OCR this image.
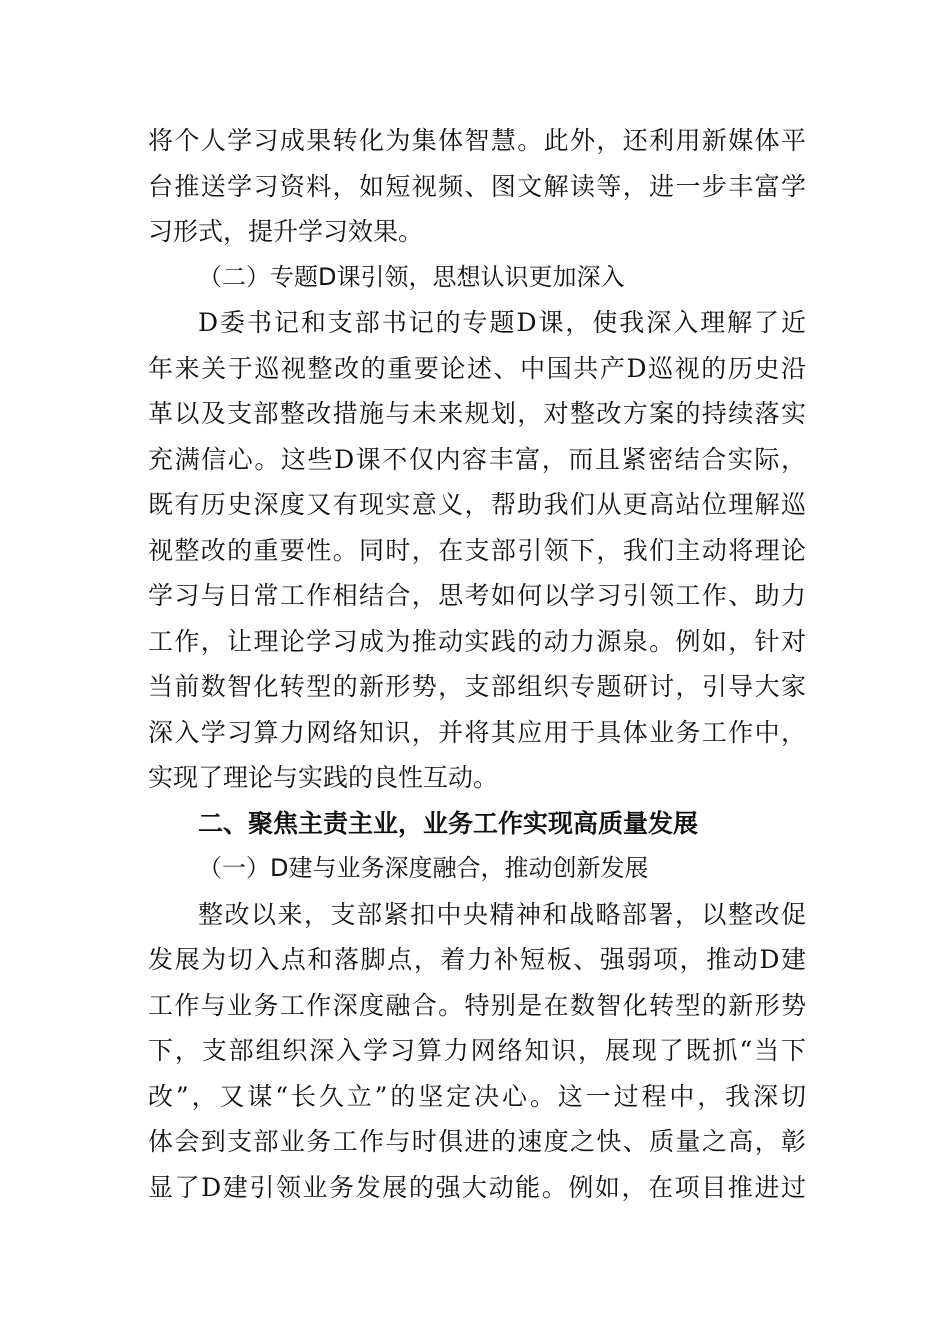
将个人学习成果转化为集体智慧。此外，还利用新媒体平
台推送学习资料，如短视频、图文解读等，进一步丰富学
习形式，提升学习效果。
（二）专题D课引领，思想认识更加深入
D委书记和支部书记的专题D课，使我深入理解了近
年来关于巡视整改的重要论述、中国共产D巡视的历史沿
革以及支部整改措施与未来规划，对整改方案的持续落实
充满信心。这些D课不仅内容丰富，而且紧密结合实际，
既有历史深度又有现实意义，帮助我们从更高站位理解巡
视整改的重要性。同时，在支部引领下，我们主动将理论
学习与日常工作相结合，思考如何以学习引领工作、助力
工作，让理论学习成为推动实践的动力源泉。例如，针对
当前数智化转型的新形势，支部组织专题研讨，引导大家
深入学习算力网络知识，并将其应用于具体业务工作中，
实现了理论与实践的良性互动。
二、聚焦主责主业，业务工作实现高质量发展
（一）D建与业务深度融合，推动创新发展
整改以来，支部紧扣中央精神和战略部署，以整改促
发展为切入点和落脚点，着力补短板、强弱项，推动D建
工作与业务工作深度融合。特别是在数智化转型的新形势
下，支部组织深入学习算力网络知识，展现了既抓“当下
改”，又谋“长久立”的坚定决心。这一过程中，我深切
体会到支部业务工作与时俱进的速度之快、质量之高，彰
显了D建引领业务发展的强大动能。例如，在项目推进过
